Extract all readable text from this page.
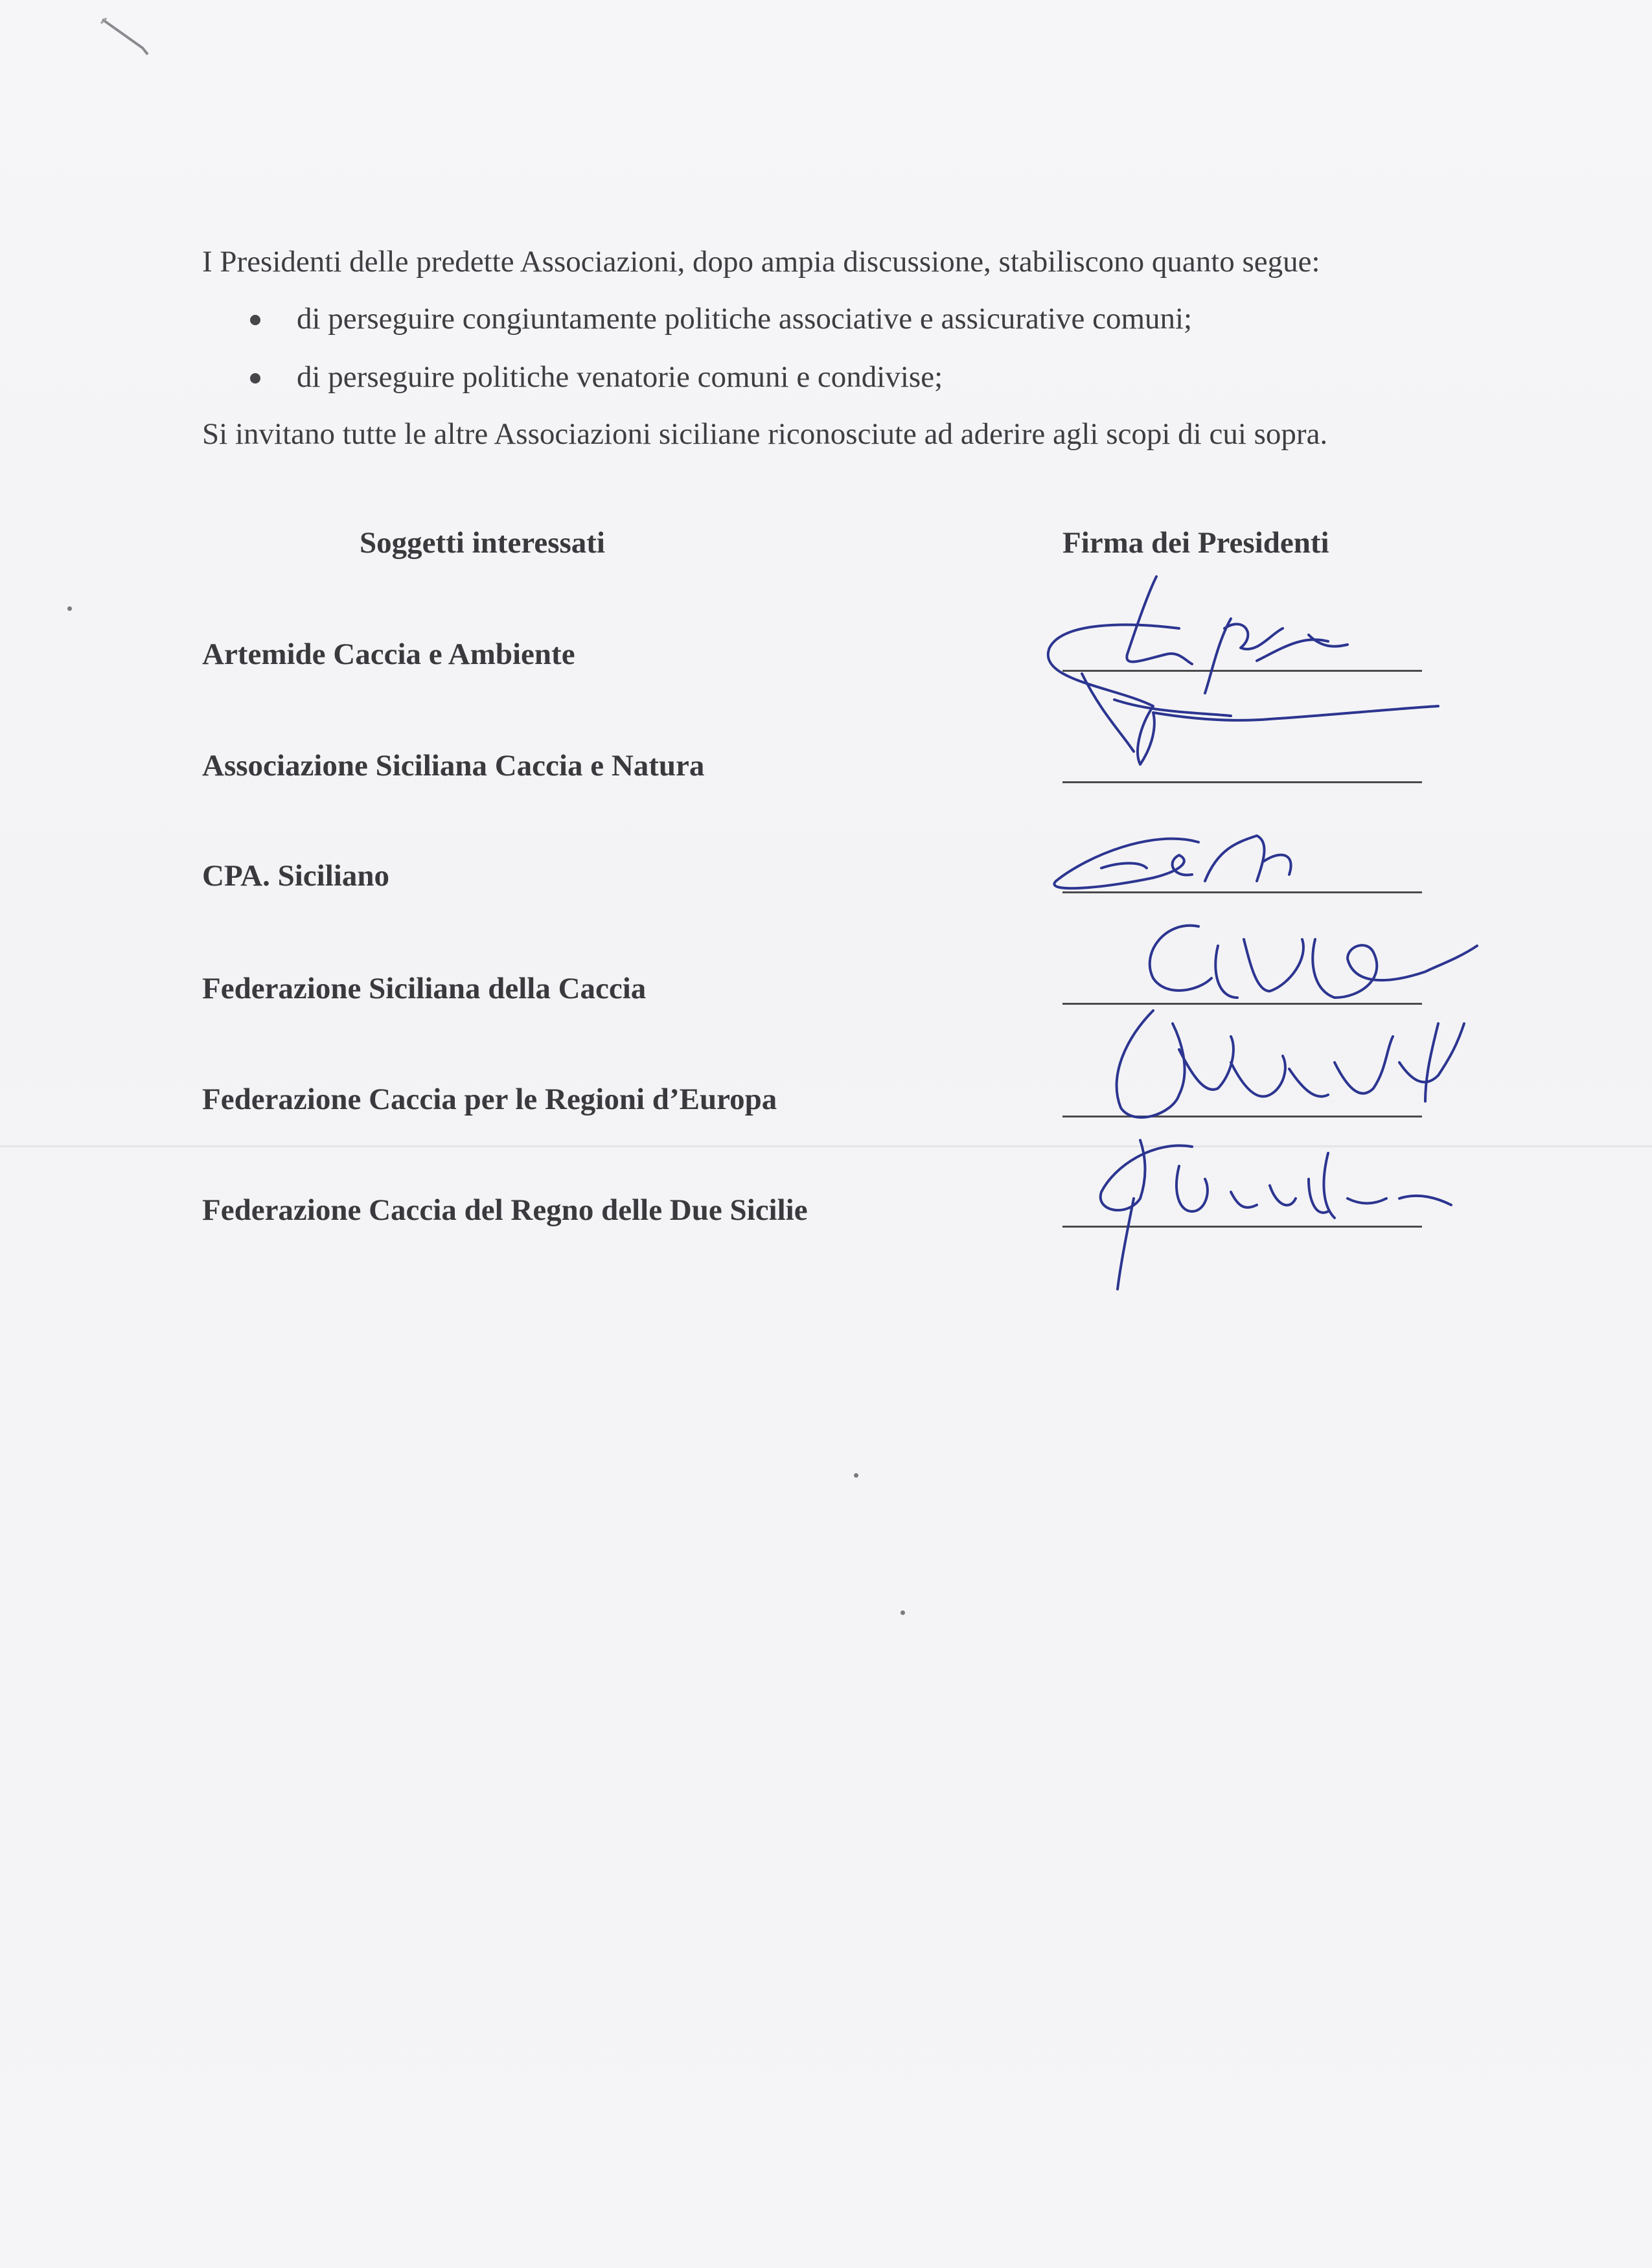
I Presidenti delle predette Associazioni, dopo ampia discussione, stabiliscono quanto segue:
di perseguire congiuntamente politiche associative e assicurative comuni;
di perseguire politiche venatorie comuni e condivise;
Si invitano tutte le altre Associazioni siciliane riconosciute ad aderire agli scopi di cui sopra.
Soggetti interessati	Firma dei Presidenti
Artemide Caccia e Ambiente
Associazione Siciliana Caccia e Natura
CPA. Siciliano
Federazione Siciliana della Caccia
Federazione Caccia per le Regioni d’Europa
Federazione Caccia del Regno delle Due Sicilie
